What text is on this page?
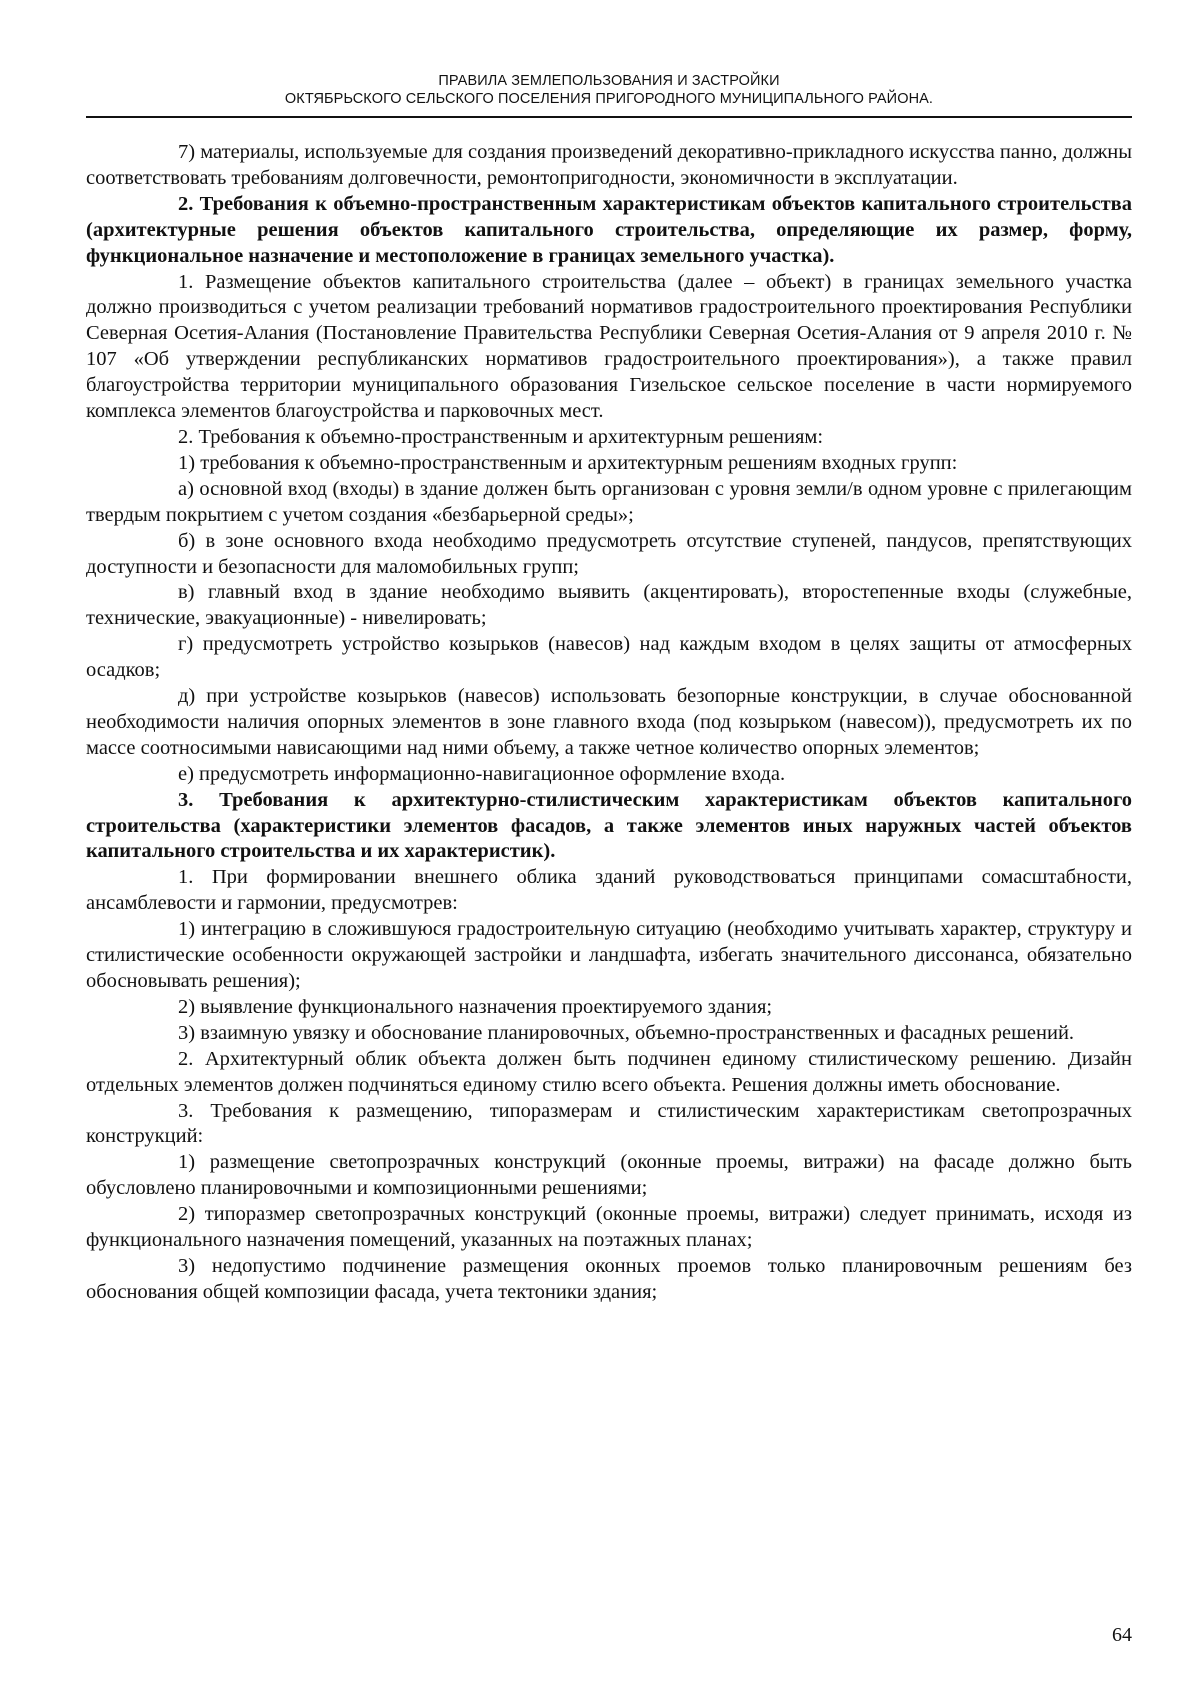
ПРАВИЛА ЗЕМЛЕПОЛЬЗОВАНИЯ И ЗАСТРОЙКИ
ОКТЯБРЬСКОГО СЕЛЬСКОГО ПОСЕЛЕНИЯ ПРИГОРОДНОГО МУНИЦИПАЛЬНОГО РАЙОНА.

7) материалы, используемые для создания произведений декоративно-прикладного искусства панно, должны соответствовать требованиям долговечности, ремонтопригодности, экономичности в эксплуатации.

2. Требования к объемно-пространственным характеристикам объектов капитального строительства (архитектурные решения объектов капитального строительства, определяющие их размер, форму, функциональное назначение и местоположение в границах земельного участка).

1. Размещение объектов капитального строительства (далее – объект) в границах земельного участка должно производиться с учетом реализации требований нормативов градостроительного проектирования Республики Северная Осетия-Алания (Постановление Правительства Республики Северная Осетия-Алания от 9 апреля 2010 г. № 107 «Об утверждении республиканских нормативов градостроительного проектирования»), а также правил благоустройства территории муниципального образования Гизельское сельское поселение в части нормируемого комплекса элементов благоустройства и парковочных мест.

2. Требования к объемно-пространственным и архитектурным решениям:

1) требования к объемно-пространственным и архитектурным решениям входных групп:

а) основной вход (входы) в здание должен быть организован с уровня земли/в одном уровне с прилегающим твердым покрытием с учетом создания «безбарьерной среды»;

б) в зоне основного входа необходимо предусмотреть отсутствие ступеней, пандусов, препятствующих доступности и безопасности для маломобильных групп;

в) главный вход в здание необходимо выявить (акцентировать), второстепенные входы (служебные, технические, эвакуационные) - нивелировать;

г) предусмотреть устройство козырьков (навесов) над каждым входом в целях защиты от атмосферных осадков;

д) при устройстве козырьков (навесов) использовать безопорные конструкции, в случае обоснованной необходимости наличия опорных элементов в зоне главного входа (под козырьком (навесом)), предусмотреть их по массе соотносимыми нависающими над ними объему, а также четное количество опорных элементов;

е) предусмотреть информационно-навигационное оформление входа.

3. Требования к архитектурно-стилистическим характеристикам объектов капитального строительства (характеристики элементов фасадов, а также элементов иных наружных частей объектов капитального строительства и их характеристик).

1. При формировании внешнего облика зданий руководствоваться принципами сомасштабности, ансамблевости и гармонии, предусмотрев:

1) интеграцию в сложившуюся градостроительную ситуацию (необходимо учитывать характер, структуру и стилистические особенности окружающей застройки и ландшафта, избегать значительного диссонанса, обязательно обосновывать решения);

2) выявление функционального назначения проектируемого здания;

3) взаимную увязку и обоснование планировочных, объемно-пространственных и фасадных решений.

2. Архитектурный облик объекта должен быть подчинен единому стилистическому решению. Дизайн отдельных элементов должен подчиняться единому стилю всего объекта. Решения должны иметь обоснование.

3. Требования к размещению, типоразмерам и стилистическим характеристикам светопрозрачных конструкций:

1) размещение светопрозрачных конструкций (оконные проемы, витражи) на фасаде должно быть обусловлено планировочными и композиционными решениями;

2) типоразмер светопрозрачных конструкций (оконные проемы, витражи) следует принимать, исходя из функционального назначения помещений, указанных на поэтажных планах;

3) недопустимо подчинение размещения оконных проемов только планировочным решениям без обоснования общей композиции фасада, учета тектоники здания;

64
